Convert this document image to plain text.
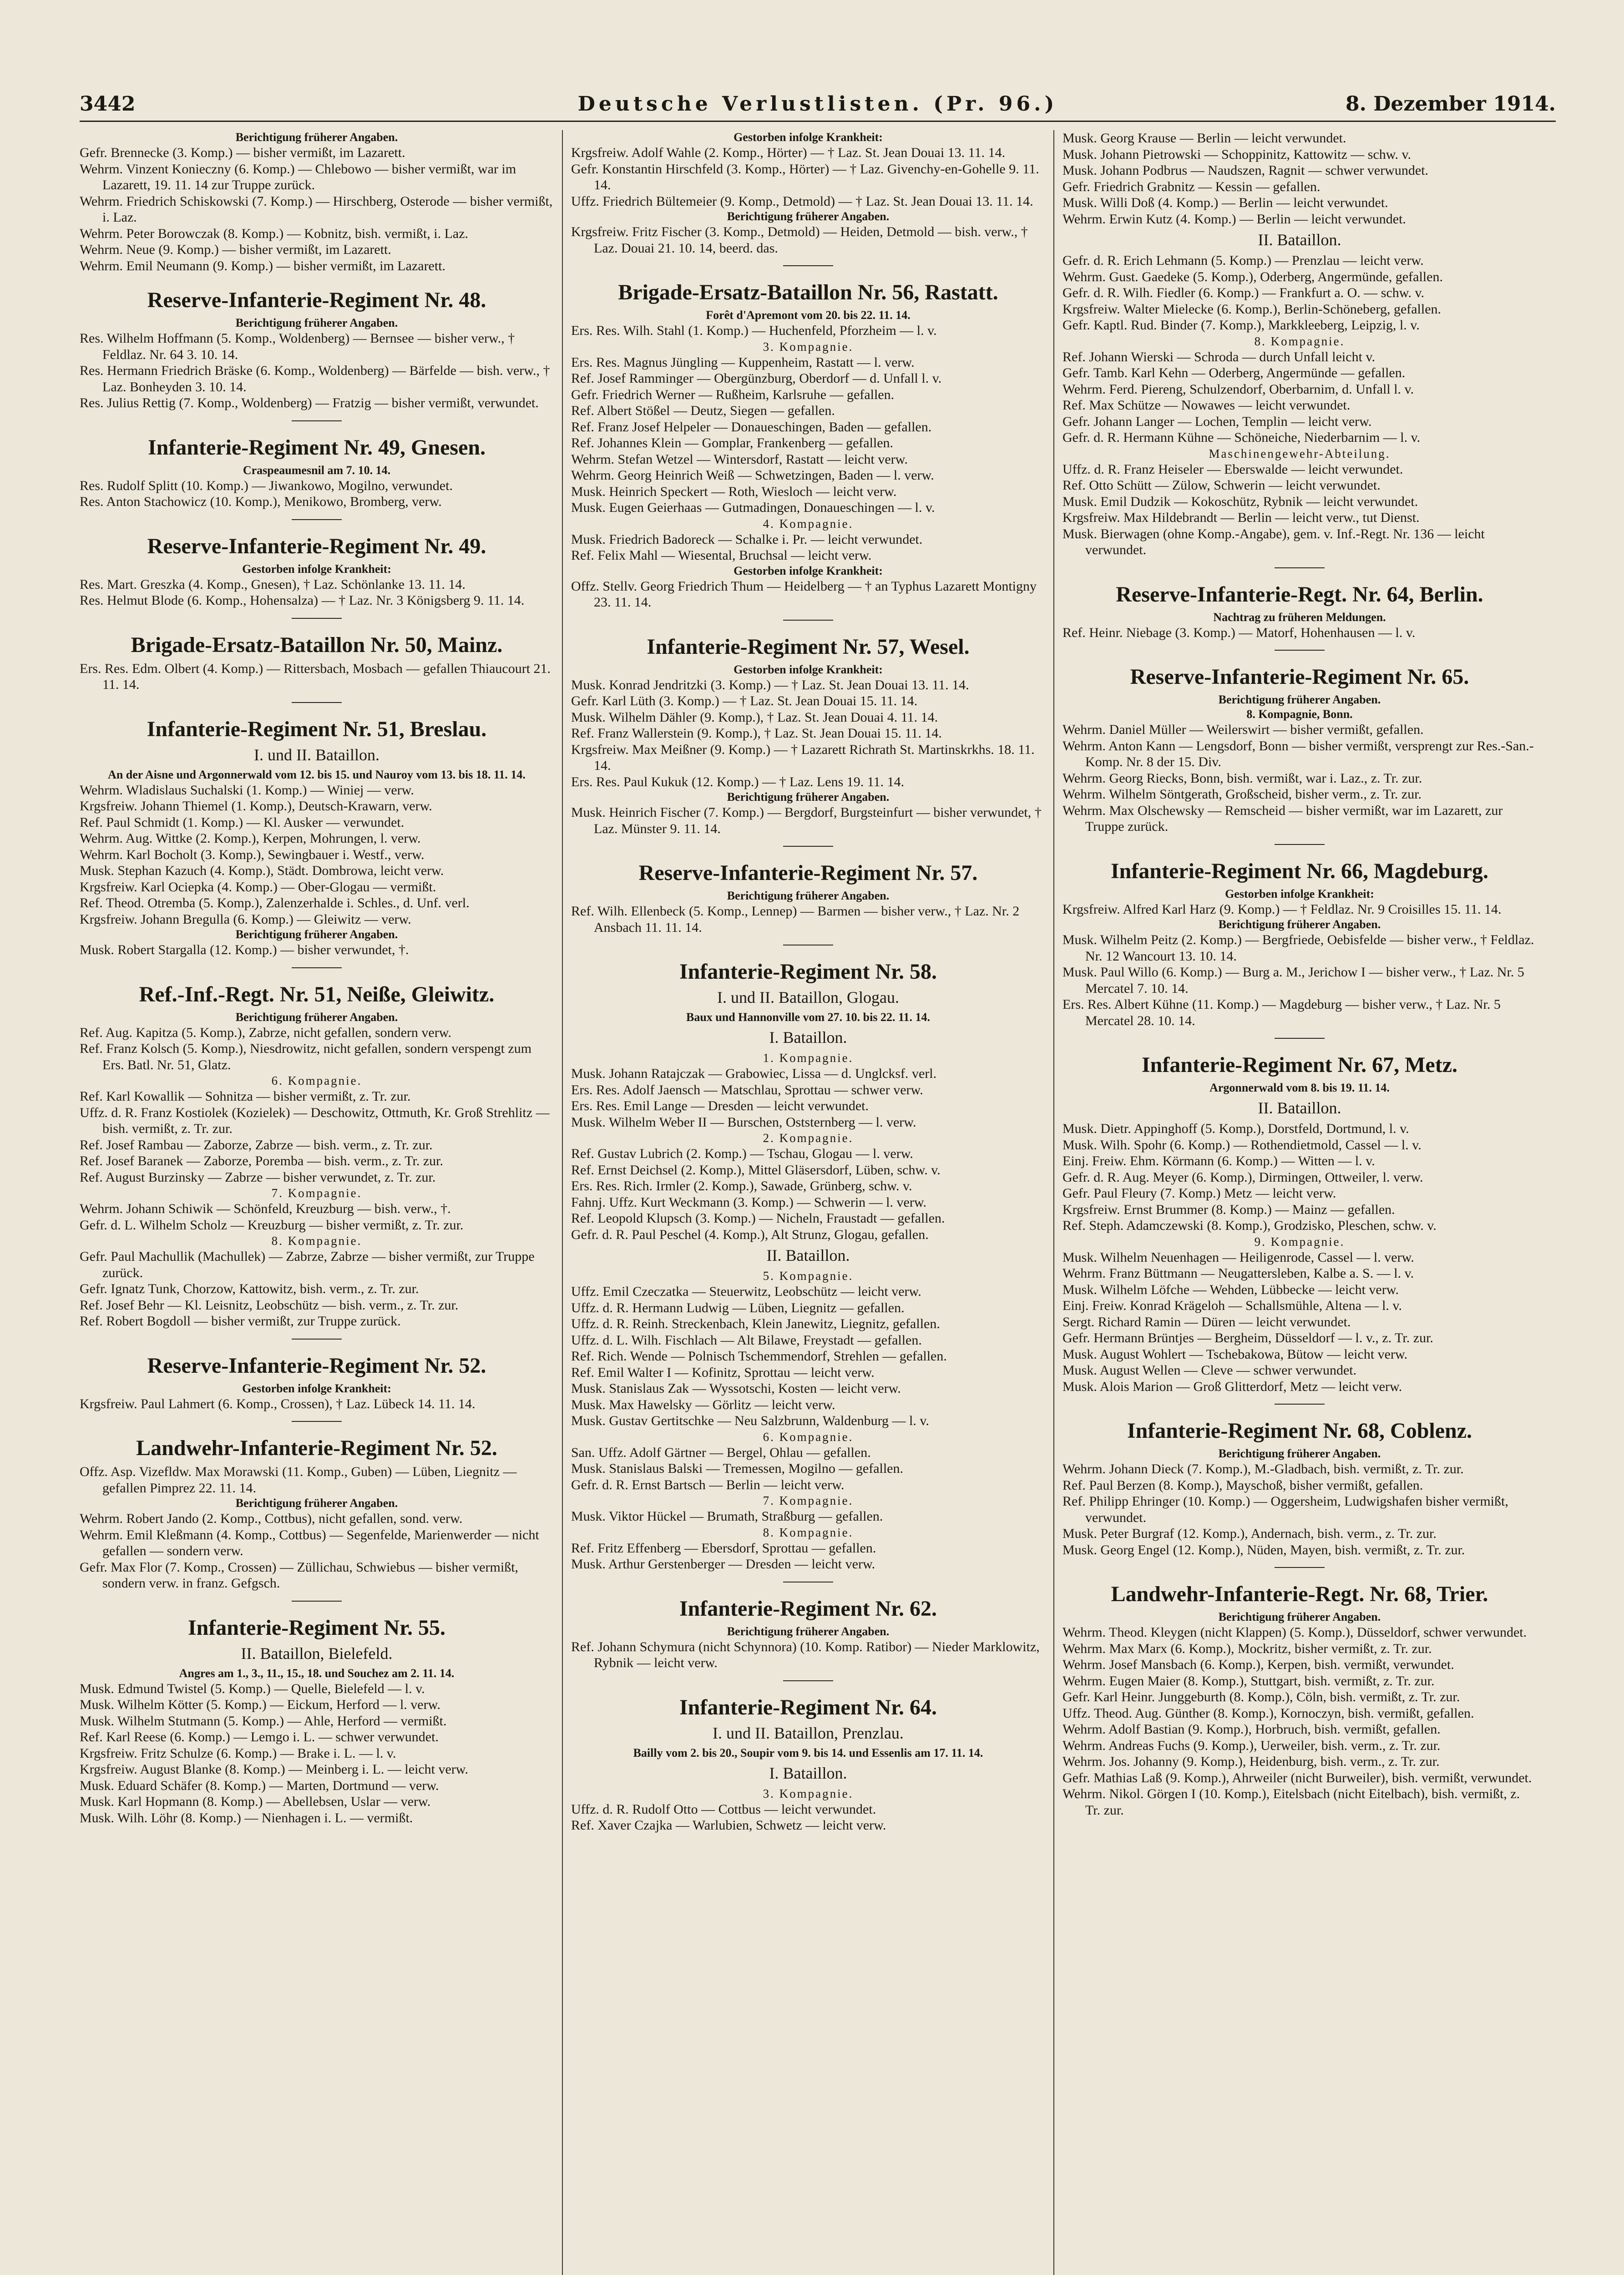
3442	Deutsche Verlustlisten. (Pr. 96.)	8. Dezember 1914.
Berichtigung früherer Angaben.
Gefr. Brennecke (3. Komp.) — bisher vermißt, im Lazarett.
Wehrm. Vinzent Konieczny (6. Komp.) — Chlebowo — bisher vermißt, war im Lazarett, 19. 11. 14 zur Truppe zurück.
Wehrm. Friedrich Schiskowski (7. Komp.) — Hirschberg, Osterode — bisher vermißt, i. Laz.
Wehrm. Peter Borowczak (8. Komp.) — Kobnitz, bish. vermißt, i. Laz.
Wehrm. Neue (9. Komp.) — bisher vermißt, im Lazarett.
Wehrm. Emil Neumann (9. Komp.) — bisher vermißt, im Lazarett.
Reserve-Infanterie-Regiment Nr. 48.
Berichtigung früherer Angaben.
Res. Wilhelm Hoffmann (5. Komp., Woldenberg) — Bernsee — bisher verw., † Feldlaz. Nr. 64 3. 10. 14.
Res. Hermann Friedrich Bräske (6. Komp., Woldenberg) — Bärfelde — bish. verw., † Laz. Bonheyden 3. 10. 14.
Res. Julius Rettig (7. Komp., Woldenberg) — Fratzig — bisher vermißt, verwundet.
Infanterie-Regiment Nr. 49, Gnesen.
Craspeaumesnil am 7. 10. 14.
Res. Rudolf Splitt (10. Komp.) — Jiwankowo, Mogilno, verwundet.
Res. Anton Stachowicz (10. Komp.), Menikowo, Bromberg, verw.
Reserve-Infanterie-Regiment Nr. 49.
Gestorben infolge Krankheit:
Res. Mart. Greszka (4. Komp., Gnesen), † Laz. Schönlanke 13. 11. 14.
Res. Helmut Blode (6. Komp., Hohensalza) — † Laz. Nr. 3 Königsberg 9. 11. 14.
Brigade-Ersatz-Bataillon Nr. 50, Mainz.
Ers. Res. Edm. Olbert (4. Komp.) — Rittersbach, Mosbach — gefallen Thiaucourt 21. 11. 14.
Infanterie-Regiment Nr. 51, Breslau.
I. und II. Bataillon.
An der Aisne und Argonnerwald vom 12. bis 15. und Nauroy vom 13. bis 18. 11. 14.
Wehrm. Wladislaus Suchalski (1. Komp.) — Winiej — verw.
Krgsfreiw. Johann Thiemel (1. Komp.), Deutsch-Krawarn, verw.
Ref. Paul Schmidt (1. Komp.) — Kl. Ausker — verwundet.
Wehrm. Aug. Wittke (2. Komp.), Kerpen, Mohrungen, l. verw.
Wehrm. Karl Bocholt (3. Komp.), Sewingbauer i. Westf., verw.
Musk. Stephan Kazuch (4. Komp.), Städt. Dombrowa, leicht verw.
Krgsfreiw. Karl Ociepka (4. Komp.) — Ober-Glogau — vermißt.
Ref. Theod. Otremba (5. Komp.), Zalenzerhalde i. Schles., d. Unf. verl.
Krgsfreiw. Johann Bregulla (6. Komp.) — Gleiwitz — verw.
Berichtigung früherer Angaben.
Musk. Robert Stargalla (12. Komp.) — bisher verwundet, †.
Ref.-Inf.-Regt. Nr. 51, Neiße, Gleiwitz.
Berichtigung früherer Angaben.
Ref. Aug. Kapitza (5. Komp.), Zabrze, nicht gefallen, sondern verw.
Ref. Franz Kolsch (5. Komp.), Niesdrowitz, nicht gefallen, sondern verspengt zum Ers. Batl. Nr. 51, Glatz.
6. Kompagnie.
Ref. Karl Kowallik — Sohnitza — bisher vermißt, z. Tr. zur.
Uffz. d. R. Franz Kostiolek (Kozielek) — Deschowitz, Ottmuth, Kr. Groß Strehlitz — bish. vermißt, z. Tr. zur.
Ref. Josef Rambau — Zaborze, Zabrze — bish. verm., z. Tr. zur.
Ref. Josef Baranek — Zaborze, Poremba — bish. verm., z. Tr. zur.
Ref. August Burzinsky — Zabrze — bisher verwundet, z. Tr. zur.
7. Kompagnie.
Wehrm. Johann Schiwik — Schönfeld, Kreuzburg — bish. verw., †.
Gefr. d. L. Wilhelm Scholz — Kreuzburg — bisher vermißt, z. Tr. zur.
8. Kompagnie.
Gefr. Paul Machullik (Machullek) — Zabrze, Zabrze — bisher vermißt, zur Truppe zurück.
Gefr. Ignatz Tunk, Chorzow, Kattowitz, bish. verm., z. Tr. zur.
Ref. Josef Behr — Kl. Leisnitz, Leobschütz — bish. verm., z. Tr. zur.
Ref. Robert Bogdoll — bisher vermißt, zur Truppe zurück.
Reserve-Infanterie-Regiment Nr. 52.
Gestorben infolge Krankheit:
Krgsfreiw. Paul Lahmert (6. Komp., Crossen), † Laz. Lübeck 14. 11. 14.
Landwehr-Infanterie-Regiment Nr. 52.
Offz. Asp. Vizefldw. Max Morawski (11. Komp., Guben) — Lüben, Liegnitz — gefallen Pimprez 22. 11. 14.
Berichtigung früherer Angaben.
Wehrm. Robert Jando (2. Komp., Cottbus), nicht gefallen, sond. verw.
Wehrm. Emil Kleßmann (4. Komp., Cottbus) — Segenfelde, Marienwerder — nicht gefallen — sondern verw.
Gefr. Max Flor (7. Komp., Crossen) — Züllichau, Schwiebus — bisher vermißt, sondern verw. in franz. Gefgsch.
Infanterie-Regiment Nr. 55.
II. Bataillon, Bielefeld.
Angres am 1., 3., 11., 15., 18. und Souchez am 2. 11. 14.
Musk. Edmund Twistel (5. Komp.) — Quelle, Bielefeld — l. v.
Musk. Wilhelm Kötter (5. Komp.) — Eickum, Herford — l. verw.
Musk. Wilhelm Stutmann (5. Komp.) — Ahle, Herford — vermißt.
Ref. Karl Reese (6. Komp.) — Lemgo i. L. — schwer verwundet.
Krgsfreiw. Fritz Schulze (6. Komp.) — Brake i. L. — l. v.
Krgsfreiw. August Blanke (8. Komp.) — Meinberg i. L. — leicht verw.
Musk. Eduard Schäfer (8. Komp.) — Marten, Dortmund — verw.
Musk. Karl Hopmann (8. Komp.) — Abellebsen, Uslar — verw.
Musk. Wilh. Löhr (8. Komp.) — Nienhagen i. L. — vermißt.
Gestorben infolge Krankheit:
Krgsfreiw. Adolf Wahle (2. Komp., Hörter) — † Laz. St. Jean Douai 13. 11. 14.
Gefr. Konstantin Hirschfeld (3. Komp., Hörter) — † Laz. Givenchy-en-Gohelle 9. 11. 14.
Uffz. Friedrich Bültemeier (9. Komp., Detmold) — † Laz. St. Jean Douai 13. 11. 14.
Berichtigung früherer Angaben.
Krgsfreiw. Fritz Fischer (3. Komp., Detmold) — Heiden, Detmold — bish. verw., † Laz. Douai 21. 10. 14, beerd. das.
Brigade-Ersatz-Bataillon Nr. 56, Rastatt.
Forêt d'Apremont vom 20. bis 22. 11. 14.
Ers. Res. Wilh. Stahl (1. Komp.) — Huchenfeld, Pforzheim — l. v.
3. Kompagnie.
Ers. Res. Magnus Jüngling — Kuppenheim, Rastatt — l. verw.
Ref. Josef Ramminger — Obergünzburg, Oberdorf — d. Unfall l. v.
Gefr. Friedrich Werner — Rußheim, Karlsruhe — gefallen.
Ref. Albert Stößel — Deutz, Siegen — gefallen.
Ref. Franz Josef Helpeler — Donaueschingen, Baden — gefallen.
Ref. Johannes Klein — Gomplar, Frankenberg — gefallen.
Wehrm. Stefan Wetzel — Wintersdorf, Rastatt — leicht verw.
Wehrm. Georg Heinrich Weiß — Schwetzingen, Baden — l. verw.
Musk. Heinrich Speckert — Roth, Wiesloch — leicht verw.
Musk. Eugen Geierhaas — Gutmadingen, Donaueschingen — l. v.
4. Kompagnie.
Musk. Friedrich Badoreck — Schalke i. Pr. — leicht verwundet.
Ref. Felix Mahl — Wiesental, Bruchsal — leicht verw.
Gestorben infolge Krankheit:
Offz. Stellv. Georg Friedrich Thum — Heidelberg — † an Typhus Lazarett Montigny 23. 11. 14.
Infanterie-Regiment Nr. 57, Wesel.
Gestorben infolge Krankheit:
Musk. Konrad Jendritzki (3. Komp.) — † Laz. St. Jean Douai 13. 11. 14.
Gefr. Karl Lüth (3. Komp.) — † Laz. St. Jean Douai 15. 11. 14.
Musk. Wilhelm Dähler (9. Komp.), † Laz. St. Jean Douai 4. 11. 14.
Ref. Franz Wallerstein (9. Komp.), † Laz. St. Jean Douai 15. 11. 14.
Krgsfreiw. Max Meißner (9. Komp.) — † Lazarett Richrath St. Martinskrkhs. 18. 11. 14.
Ers. Res. Paul Kukuk (12. Komp.) — † Laz. Lens 19. 11. 14.
Berichtigung früherer Angaben.
Musk. Heinrich Fischer (7. Komp.) — Bergdorf, Burgsteinfurt — bisher verwundet, † Laz. Münster 9. 11. 14.
Reserve-Infanterie-Regiment Nr. 57.
Berichtigung früherer Angaben.
Ref. Wilh. Ellenbeck (5. Komp., Lennep) — Barmen — bisher verw., † Laz. Nr. 2 Ansbach 11. 11. 14.
Infanterie-Regiment Nr. 58.
I. und II. Bataillon, Glogau.
Baux und Hannonville vom 27. 10. bis 22. 11. 14.
I. Bataillon.
1. Kompagnie.
Musk. Johann Ratajczak — Grabowiec, Lissa — d. Unglcksf. verl.
Ers. Res. Adolf Jaensch — Matschlau, Sprottau — schwer verw.
Ers. Res. Emil Lange — Dresden — leicht verwundet.
Musk. Wilhelm Weber II — Burschen, Oststernberg — l. verw.
2. Kompagnie.
Ref. Gustav Lubrich (2. Komp.) — Tschau, Glogau — l. verw.
Ref. Ernst Deichsel (2. Komp.), Mittel Gläsersdorf, Lüben, schw. v.
Ers. Res. Rich. Irmler (2. Komp.), Sawade, Grünberg, schw. v.
Fahnj. Uffz. Kurt Weckmann (3. Komp.) — Schwerin — l. verw.
Ref. Leopold Klupsch (3. Komp.) — Nicheln, Fraustadt — gefallen.
Gefr. d. R. Paul Peschel (4. Komp.), Alt Strunz, Glogau, gefallen.
II. Bataillon.
5. Kompagnie.
Uffz. Emil Czeczatka — Steuerwitz, Leobschütz — leicht verw.
Uffz. d. R. Hermann Ludwig — Lüben, Liegnitz — gefallen.
Uffz. d. R. Reinh. Streckenbach, Klein Janewitz, Liegnitz, gefallen.
Uffz. d. L. Wilh. Fischlach — Alt Bilawe, Freystadt — gefallen.
Ref. Rich. Wende — Polnisch Tschemmendorf, Strehlen — gefallen.
Ref. Emil Walter I — Kofinitz, Sprottau — leicht verw.
Musk. Stanislaus Zak — Wyssotschi, Kosten — leicht verw.
Musk. Max Hawelsky — Görlitz — leicht verw.
Musk. Gustav Gertitschke — Neu Salzbrunn, Waldenburg — l. v.
6. Kompagnie.
San. Uffz. Adolf Gärtner — Bergel, Ohlau — gefallen.
Musk. Stanislaus Balski — Tremessen, Mogilno — gefallen.
Gefr. d. R. Ernst Bartsch — Berlin — leicht verw.
7. Kompagnie.
Musk. Viktor Hückel — Brumath, Straßburg — gefallen.
8. Kompagnie.
Ref. Fritz Effenberg — Ebersdorf, Sprottau — gefallen.
Musk. Arthur Gerstenberger — Dresden — leicht verw.
Infanterie-Regiment Nr. 62.
Berichtigung früherer Angaben.
Ref. Johann Schymura (nicht Schynnora) (10. Komp. Ratibor) — Nieder Marklowitz, Rybnik — leicht verw.
Infanterie-Regiment Nr. 64.
I. und II. Bataillon, Prenzlau.
Bailly vom 2. bis 20., Soupir vom 9. bis 14. und Essenlis am 17. 11. 14.
I. Bataillon.
3. Kompagnie.
Uffz. d. R. Rudolf Otto — Cottbus — leicht verwundet.
Ref. Xaver Czajka — Warlubien, Schwetz — leicht verw.
Musk. Georg Krause — Berlin — leicht verwundet.
Musk. Johann Pietrowski — Schoppinitz, Kattowitz — schw. v.
Musk. Johann Podbrus — Naudszen, Ragnit — schwer verwundet.
Gefr. Friedrich Grabnitz — Kessin — gefallen.
Musk. Willi Doß (4. Komp.) — Berlin — leicht verwundet.
Wehrm. Erwin Kutz (4. Komp.) — Berlin — leicht verwundet.
II. Bataillon.
Gefr. d. R. Erich Lehmann (5. Komp.) — Prenzlau — leicht verw.
Wehrm. Gust. Gaedeke (5. Komp.), Oderberg, Angermünde, gefallen.
Gefr. d. R. Wilh. Fiedler (6. Komp.) — Frankfurt a. O. — schw. v.
Krgsfreiw. Walter Mielecke (6. Komp.), Berlin-Schöneberg, gefallen.
Gefr. Kaptl. Rud. Binder (7. Komp.), Markkleeberg, Leipzig, l. v.
8. Kompagnie.
Ref. Johann Wierski — Schroda — durch Unfall leicht v.
Gefr. Tamb. Karl Kehn — Oderberg, Angermünde — gefallen.
Wehrm. Ferd. Piereng, Schulzendorf, Oberbarnim, d. Unfall l. v.
Ref. Max Schütze — Nowawes — leicht verwundet.
Gefr. Johann Langer — Lochen, Templin — leicht verw.
Gefr. d. R. Hermann Kühne — Schöneiche, Niederbarnim — l. v.
Maschinengewehr-Abteilung.
Uffz. d. R. Franz Heiseler — Eberswalde — leicht verwundet.
Ref. Otto Schütt — Zülow, Schwerin — leicht verwundet.
Musk. Emil Dudzik — Kokoschütz, Rybnik — leicht verwundet.
Krgsfreiw. Max Hildebrandt — Berlin — leicht verw., tut Dienst.
Musk. Bierwagen (ohne Komp.-Angabe), gem. v. Inf.-Regt. Nr. 136 — leicht verwundet.
Reserve-Infanterie-Regt. Nr. 64, Berlin.
Nachtrag zu früheren Meldungen.
Ref. Heinr. Niebage (3. Komp.) — Matorf, Hohenhausen — l. v.
Reserve-Infanterie-Regiment Nr. 65.
Berichtigung früherer Angaben.
8. Kompagnie, Bonn.
Wehrm. Daniel Müller — Weilerswirt — bisher vermißt, gefallen.
Wehrm. Anton Kann — Lengsdorf, Bonn — bisher vermißt, versprengt zur Res.-San.-Komp. Nr. 8 der 15. Div.
Wehrm. Georg Riecks, Bonn, bish. vermißt, war i. Laz., z. Tr. zur.
Wehrm. Wilhelm Söntgerath, Großscheid, bisher verm., z. Tr. zur.
Wehrm. Max Olschewsky — Remscheid — bisher vermißt, war im Lazarett, zur Truppe zurück.
Infanterie-Regiment Nr. 66, Magdeburg.
Gestorben infolge Krankheit:
Krgsfreiw. Alfred Karl Harz (9. Komp.) — † Feldlaz. Nr. 9 Croisilles 15. 11. 14.
Berichtigung früherer Angaben.
Musk. Wilhelm Peitz (2. Komp.) — Bergfriede, Oebisfelde — bisher verw., † Feldlaz. Nr. 12 Wancourt 13. 10. 14.
Musk. Paul Willo (6. Komp.) — Burg a. M., Jerichow I — bisher verw., † Laz. Nr. 5 Mercatel 7. 10. 14.
Ers. Res. Albert Kühne (11. Komp.) — Magdeburg — bisher verw., † Laz. Nr. 5 Mercatel 28. 10. 14.
Infanterie-Regiment Nr. 67, Metz.
Argonnerwald vom 8. bis 19. 11. 14.
II. Bataillon.
Musk. Dietr. Appinghoff (5. Komp.), Dorstfeld, Dortmund, l. v.
Musk. Wilh. Spohr (6. Komp.) — Rothendietmold, Cassel — l. v.
Einj. Freiw. Ehm. Körmann (6. Komp.) — Witten — l. v.
Gefr. d. R. Aug. Meyer (6. Komp.), Dirmingen, Ottweiler, l. verw.
Gefr. Paul Fleury (7. Komp.) Metz — leicht verw.
Krgsfreiw. Ernst Brummer (8. Komp.) — Mainz — gefallen.
Ref. Steph. Adamczewski (8. Komp.), Grodzisko, Pleschen, schw. v.
9. Kompagnie.
Musk. Wilhelm Neuenhagen — Heiligenrode, Cassel — l. verw.
Wehrm. Franz Büttmann — Neugattersleben, Kalbe a. S. — l. v.
Musk. Wilhelm Löfche — Wehden, Lübbecke — leicht verw.
Einj. Freiw. Konrad Krägeloh — Schallsmühle, Altena — l. v.
Sergt. Richard Ramin — Düren — leicht verwundet.
Gefr. Hermann Brüntjes — Bergheim, Düsseldorf — l. v., z. Tr. zur.
Musk. August Wohlert — Tschebakowa, Bütow — leicht verw.
Musk. August Wellen — Cleve — schwer verwundet.
Musk. Alois Marion — Groß Glitterdorf, Metz — leicht verw.
Infanterie-Regiment Nr. 68, Coblenz.
Berichtigung früherer Angaben.
Wehrm. Johann Dieck (7. Komp.), M.-Gladbach, bish. vermißt, z. Tr. zur.
Ref. Paul Berzen (8. Komp.), Mayschoß, bisher vermißt, gefallen.
Ref. Philipp Ehringer (10. Komp.) — Oggersheim, Ludwigshafen bisher vermißt, verwundet.
Musk. Peter Burgraf (12. Komp.), Andernach, bish. verm., z. Tr. zur.
Musk. Georg Engel (12. Komp.), Nüden, Mayen, bish. vermißt, z. Tr. zur.
Landwehr-Infanterie-Regt. Nr. 68, Trier.
Berichtigung früherer Angaben.
Wehrm. Theod. Kleygen (nicht Klappen) (5. Komp.), Düsseldorf, schwer verwundet.
Wehrm. Max Marx (6. Komp.), Mockritz, bisher vermißt, z. Tr. zur.
Wehrm. Josef Mansbach (6. Komp.), Kerpen, bish. vermißt, verwundet.
Wehrm. Eugen Maier (8. Komp.), Stuttgart, bish. vermißt, z. Tr. zur.
Gefr. Karl Heinr. Junggeburth (8. Komp.), Cöln, bish. vermißt, z. Tr. zur.
Uffz. Theod. Aug. Günther (8. Komp.), Kornoczyn, bish. vermißt, gefallen.
Wehrm. Adolf Bastian (9. Komp.), Horbruch, bish. vermißt, gefallen.
Wehrm. Andreas Fuchs (9. Komp.), Uerweiler, bish. verm., z. Tr. zur.
Wehrm. Jos. Johanny (9. Komp.), Heidenburg, bish. verm., z. Tr. zur.
Gefr. Mathias Laß (9. Komp.), Ahrweiler (nicht Burweiler), bish. vermißt, verwundet.
Wehrm. Nikol. Görgen I (10. Komp.), Eitelsbach (nicht Eitelbach), bish. vermißt, z. Tr. zur.
